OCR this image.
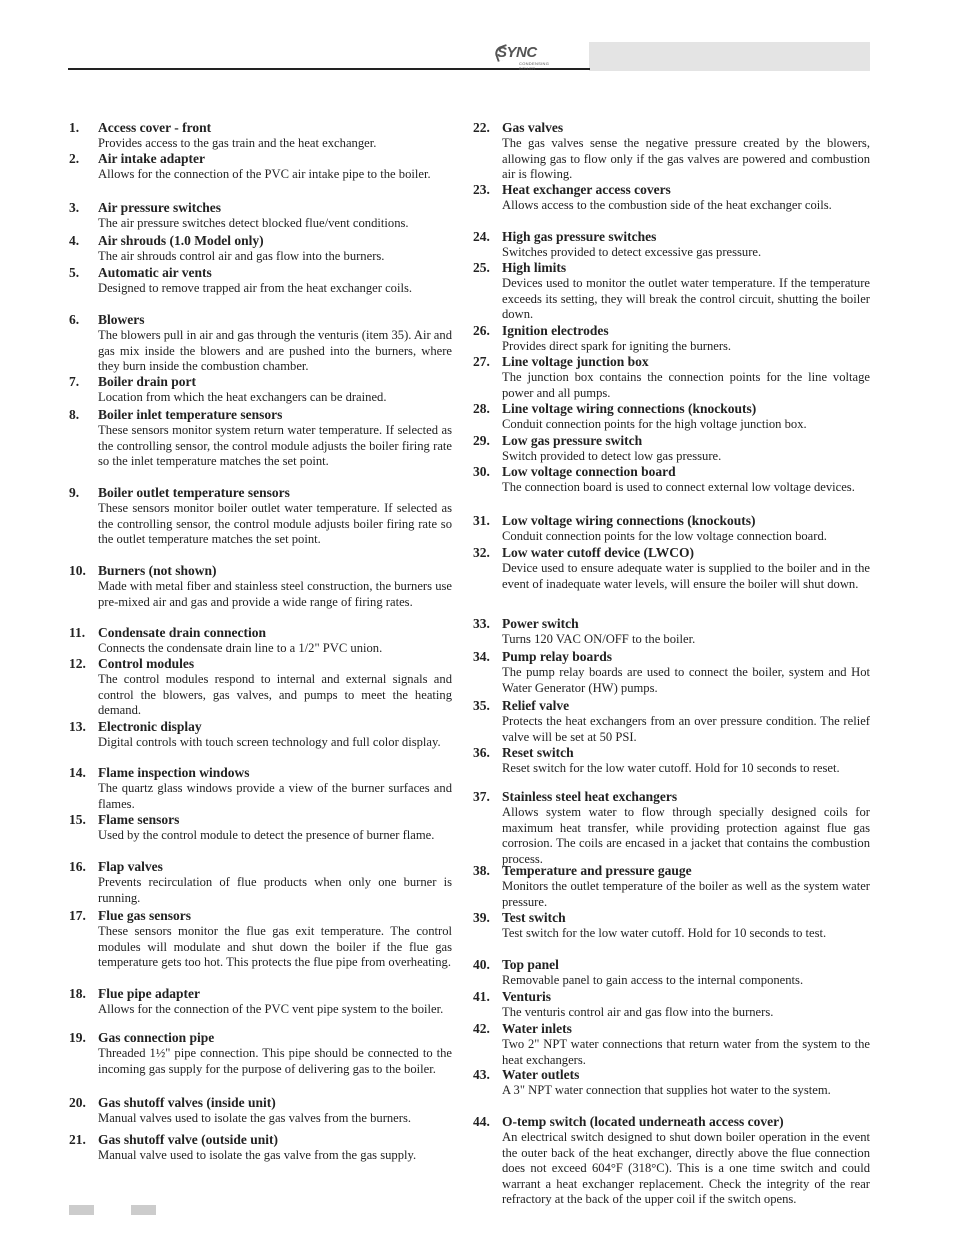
SYNC
CONDENSING BOILER
1. Access cover - front
Provides access to the gas train and the heat exchanger.
2. Air intake adapter
Allows for the connection of the PVC air intake pipe to the boiler.
3. Air pressure switches
The air pressure switches detect blocked flue/vent conditions.
4. Air shrouds (1.0 Model only)
The air shrouds control air and gas flow into the burners.
5. Automatic air vents
Designed to remove trapped air from the heat exchanger coils.
6. Blowers
The blowers pull in air and gas through the venturis (item 35). Air and gas mix inside the blowers and are pushed into the burners, where they burn inside the combustion chamber.
7. Boiler drain port
Location from which the heat exchangers can be drained.
8. Boiler inlet temperature sensors
These sensors monitor system return water temperature. If selected as the controlling sensor, the control module adjusts the boiler firing rate so the inlet temperature matches the set point.
9. Boiler outlet temperature sensors
These sensors monitor boiler outlet water temperature. If selected as the controlling sensor, the control module adjusts boiler firing rate so the outlet temperature matches the set point.
10. Burners (not shown)
Made with metal fiber and stainless steel construction, the burners use pre-mixed air and gas and provide a wide range of firing rates.
11. Condensate drain connection
Connects the condensate drain line to a 1/2" PVC union.
12. Control modules
The control modules respond to internal and external signals and control the blowers, gas valves, and pumps to meet the heating demand.
13. Electronic display
Digital controls with touch screen technology and full color display.
14. Flame inspection windows
The quartz glass windows provide a view of the burner surfaces and flames.
15. Flame sensors
Used by the control module to detect the presence of burner flame.
16. Flap valves
Prevents recirculation of flue products when only one burner is running.
17. Flue gas sensors
These sensors monitor the flue gas exit temperature. The control modules will modulate and shut down the boiler if the flue gas temperature gets too hot. This protects the flue pipe from overheating.
18. Flue pipe adapter
Allows for the connection of the PVC vent pipe system to the boiler.
19. Gas connection pipe
Threaded 1½" pipe connection. This pipe should be connected to the incoming gas supply for the purpose of delivering gas to the boiler.
20. Gas shutoff valves (inside unit)
Manual valves used to isolate the gas valves from the burners.
21. Gas shutoff valve (outside unit)
Manual valve used to isolate the gas valve from the gas supply.
22. Gas valves
The gas valves sense the negative pressure created by the blowers, allowing gas to flow only if the gas valves are powered and combustion air is flowing.
23. Heat exchanger access covers
Allows access to the combustion side of the heat exchanger coils.
24. High gas pressure switches
Switches provided to detect excessive gas pressure.
25. High limits
Devices used to monitor the outlet water temperature. If the temperature exceeds its setting, they will break the control circuit, shutting the boiler down.
26. Ignition electrodes
Provides direct spark for igniting the burners.
27. Line voltage junction box
The junction box contains the connection points for the line voltage power and all pumps.
28. Line voltage wiring connections (knockouts)
Conduit connection points for the high voltage junction box.
29. Low gas pressure switch
Switch provided to detect low gas pressure.
30. Low voltage connection board
The connection board is used to connect external low voltage devices.
31. Low voltage wiring connections (knockouts)
Conduit connection points for the low voltage connection board.
32. Low water cutoff device (LWCO)
Device used to ensure adequate water is supplied to the boiler and in the event of inadequate water levels, will ensure the boiler will shut down.
33. Power switch
Turns 120 VAC ON/OFF to the boiler.
34. Pump relay boards
The pump relay boards are used to connect the boiler, system and Hot Water Generator (HW) pumps.
35. Relief valve
Protects the heat exchangers from an over pressure condition. The relief valve will be set at 50 PSI.
36. Reset switch
Reset switch for the low water cutoff. Hold for 10 seconds to reset.
37. Stainless steel heat exchangers
Allows system water to flow through specially designed coils for maximum heat transfer, while providing protection against flue gas corrosion. The coils are encased in a jacket that contains the combustion process.
38. Temperature and pressure gauge
Monitors the outlet temperature of the boiler as well as the system water pressure.
39. Test switch
Test switch for the low water cutoff. Hold for 10 seconds to test.
40. Top panel
Removable panel to gain access to the internal components.
41. Venturis
The venturis control air and gas flow into the burners.
42. Water inlets
Two 2" NPT water connections that return water from the system to the heat exchangers.
43. Water outlets
A 3" NPT water connection that supplies hot water to the system.
44. O-temp switch (located underneath access cover)
An electrical switch designed to shut down boiler operation in the event the outer back of the heat exchanger, directly above the flue connection does not exceed 604°F (318°C). This is a one time switch and could warrant a heat exchanger replacement. Check the integrity of the rear refractory at the back of the upper coil if the switch opens.
